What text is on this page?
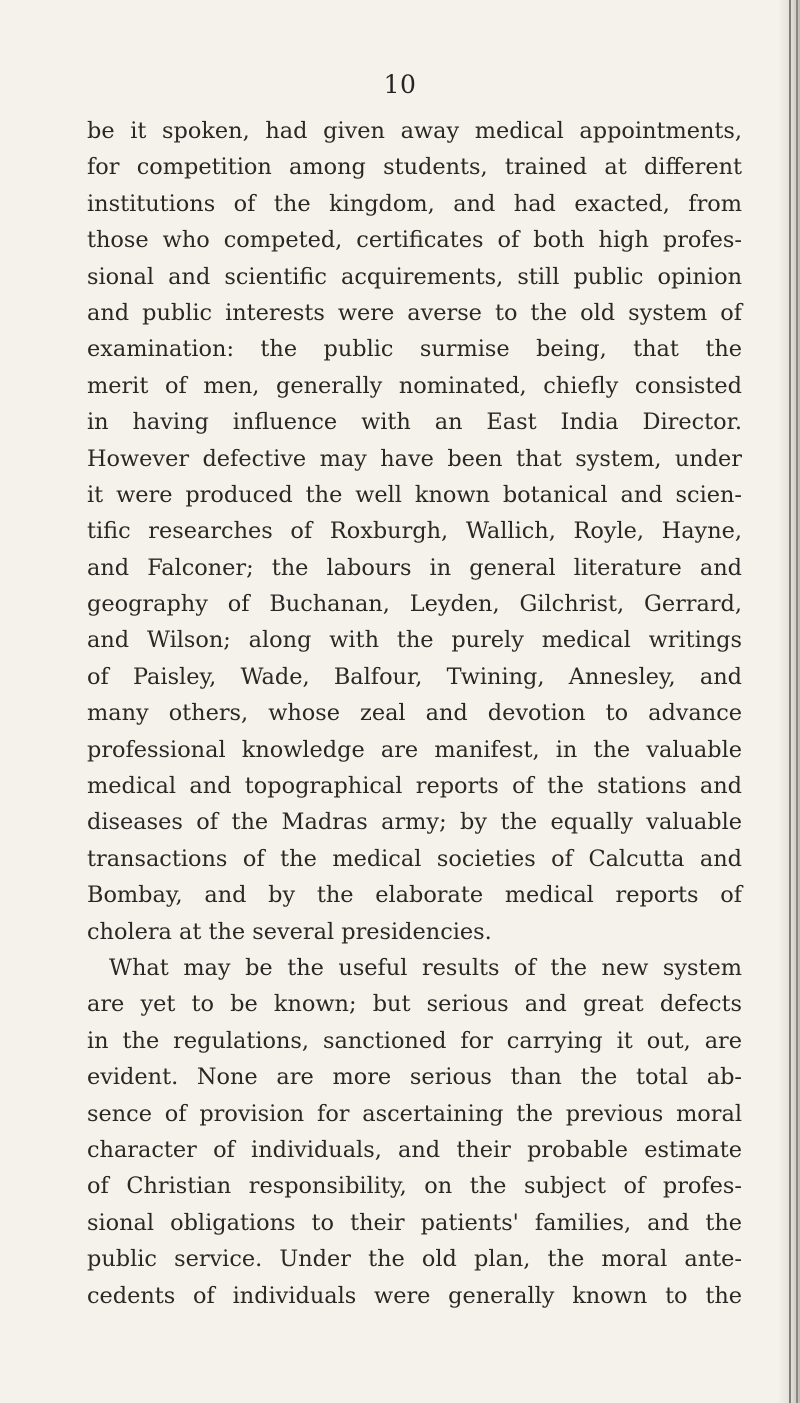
10
be it spoken, had given away medical appointments,
for competition among students, trained at different
institutions of the kingdom, and had exacted, from
those who competed, certificates of both high profes-
sional and scientific acquirements, still public opinion
and public interests were averse to the old system of
examination: the public surmise being, that the
merit of men, generally nominated, chiefly consisted
in having influence with an East India Director.
However defective may have been that system, under
it were produced the well known botanical and scien-
tific researches of Roxburgh, Wallich, Royle, Hayne,
and Falconer; the labours in general literature and
geography of Buchanan, Leyden, Gilchrist, Gerrard,
and Wilson; along with the purely medical writings
of Paisley, Wade, Balfour, Twining, Annesley, and
many others, whose zeal and devotion to advance
professional knowledge are manifest, in the valuable
medical and topographical reports of the stations and
diseases of the Madras army; by the equally valuable
transactions of the medical societies of Calcutta and
Bombay, and by the elaborate medical reports of
cholera at the several presidencies.
What may be the useful results of the new system
are yet to be known; but serious and great defects
in the regulations, sanctioned for carrying it out, are
evident. None are more serious than the total ab-
sence of provision for ascertaining the previous moral
character of individuals, and their probable estimate
of Christian responsibility, on the subject of profes-
sional obligations to their patients' families, and the
public service. Under the old plan, the moral ante-
cedents of individuals were generally known to the
